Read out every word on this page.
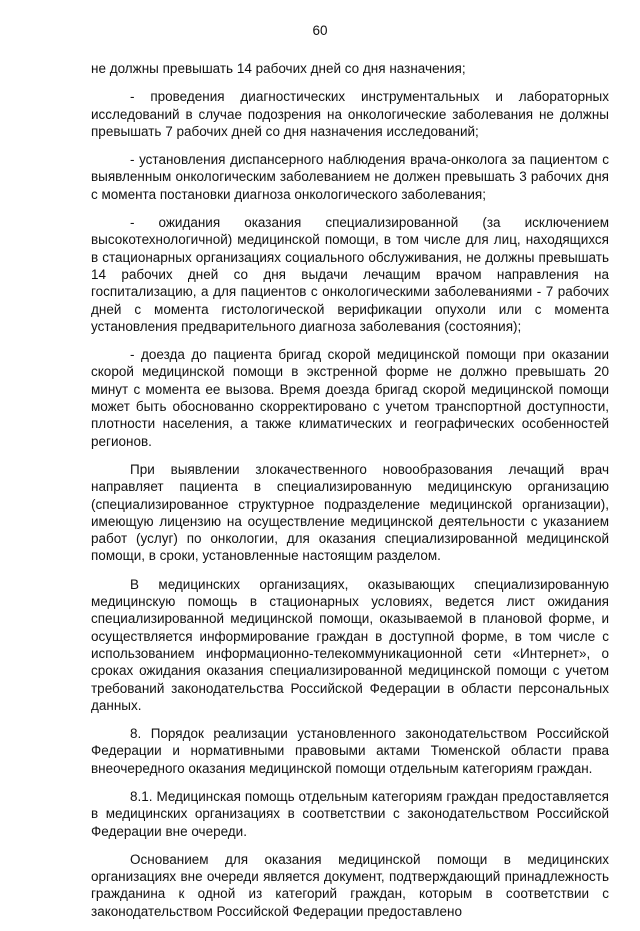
60

не должны превышать 14 рабочих дней со дня назначения;

- проведения диагностических инструментальных и лабораторных исследований в случае подозрения на онкологические заболевания не должны превышать 7 рабочих дней со дня назначения исследований;

- установления диспансерного наблюдения врача-онколога за пациентом с выявленным онкологическим заболеванием не должен превышать 3 рабочих дня с момента постановки диагноза онкологического заболевания;

- ожидания оказания специализированной (за исключением высокотехнологичной) медицинской помощи, в том числе для лиц, находящихся в стационарных организациях социального обслуживания, не должны превышать 14 рабочих дней со дня выдачи лечащим врачом направления на госпитализацию, а для пациентов с онкологическими заболеваниями - 7 рабочих дней с момента гистологической верификации опухоли или с момента установления предварительного диагноза заболевания (состояния);

- доезда до пациента бригад скорой медицинской помощи при оказании скорой медицинской помощи в экстренной форме не должно превышать 20 минут с момента ее вызова. Время доезда бригад скорой медицинской помощи может быть обоснованно скорректировано с учетом транспортной доступности, плотности населения, а также климатических и географических особенностей регионов.

При выявлении злокачественного новообразования лечащий врач направляет пациента в специализированную медицинскую организацию (специализированное структурное подразделение медицинской организации), имеющую лицензию на осуществление медицинской деятельности с указанием работ (услуг) по онкологии, для оказания специализированной медицинской помощи, в сроки, установленные настоящим разделом.

В медицинских организациях, оказывающих специализированную медицинскую помощь в стационарных условиях, ведется лист ожидания специализированной медицинской помощи, оказываемой в плановой форме, и осуществляется информирование граждан в доступной форме, в том числе с использованием информационно-телекоммуникационной сети «Интернет», о сроках ожидания оказания специализированной медицинской помощи с учетом требований законодательства Российской Федерации в области персональных данных.

8. Порядок реализации установленного законодательством Российской Федерации и нормативными правовыми актами Тюменской области права внеочередного оказания медицинской помощи отдельным категориям граждан.

8.1. Медицинская помощь отдельным категориям граждан предоставляется в медицинских организациях в соответствии с законодательством Российской Федерации вне очереди.

Основанием для оказания медицинской помощи в медицинских организациях вне очереди является документ, подтверждающий принадлежность гражданина к одной из категорий граждан, которым в соответствии с законодательством Российской Федерации предоставлено
